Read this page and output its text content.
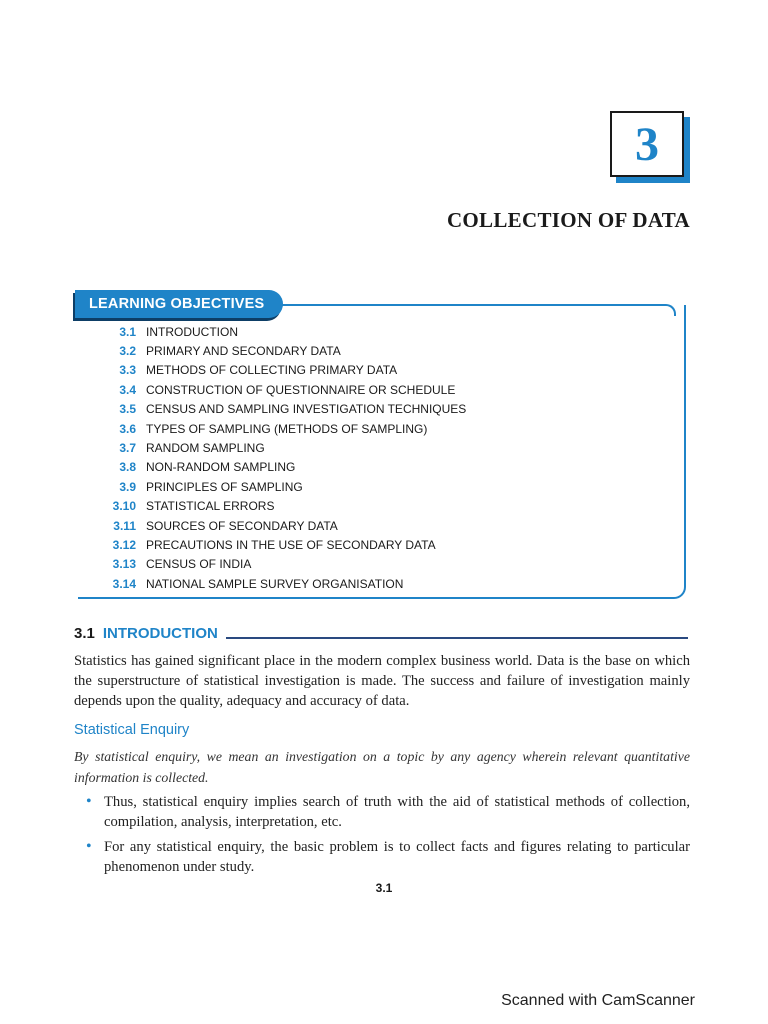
3
COLLECTION OF DATA
LEARNING OBJECTIVES
3.1 INTRODUCTION
3.2 PRIMARY AND SECONDARY DATA
3.3 METHODS OF COLLECTING PRIMARY DATA
3.4 CONSTRUCTION OF QUESTIONNAIRE OR SCHEDULE
3.5 CENSUS AND SAMPLING INVESTIGATION TECHNIQUES
3.6 TYPES OF SAMPLING (METHODS OF SAMPLING)
3.7 RANDOM SAMPLING
3.8 NON-RANDOM SAMPLING
3.9 PRINCIPLES OF SAMPLING
3.10 STATISTICAL ERRORS
3.11 SOURCES OF SECONDARY DATA
3.12 PRECAUTIONS IN THE USE OF SECONDARY DATA
3.13 CENSUS OF INDIA
3.14 NATIONAL SAMPLE SURVEY ORGANISATION
3.1 INTRODUCTION

Statistics has gained significant place in the modern complex business world. Data is the base on which the superstructure of statistical investigation is made. The success and failure of investigation mainly depends upon the quality, adequacy and accuracy of data.

Statistical Enquiry

By statistical enquiry, we mean an investigation on a topic by any agency wherein relevant quantitative information is collected.

• Thus, statistical enquiry implies search of truth with the aid of statistical methods of collection, compilation, analysis, interpretation, etc.
• For any statistical enquiry, the basic problem is to collect facts and figures relating to particular phenomenon under study.
3.1
Scanned with CamScanner
